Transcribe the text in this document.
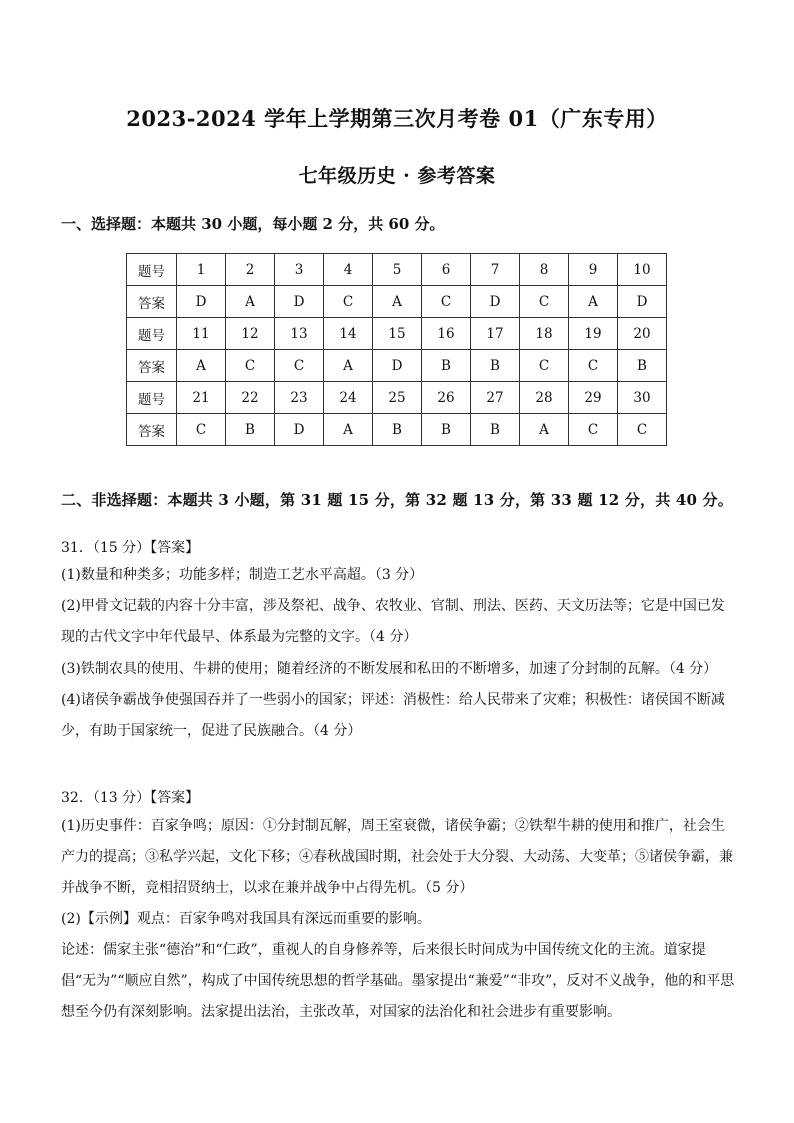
2023-2024 学年上学期第三次月考卷 01（广东专用）
七年级历史 · 参考答案
一、选择题：本题共 30 小题，每小题 2 分，共 60 分。
题号	1	2	3	4	5	6	7	8	9	10
答案	D	A	D	C	A	C	D	C	A	D
题号	11	12	13	14	15	16	17	18	19	20
答案	A	C	C	A	D	B	B	C	C	B
题号	21	22	23	24	25	26	27	28	29	30
答案	C	B	D	A	B	B	B	A	C	C
二、非选择题：本题共 3 小题，第 31 题 15 分，第 32 题 13 分，第 33 题 12 分，共 40 分。
31．（15 分）【答案】

(1)数量和种类多；功能多样；制造工艺水平高超。（3 分）

(2)甲骨文记载的内容十分丰富，涉及祭祀、战争、农牧业、官制、刑法、医药、天文历法等；它是中国已发现的古代文字中年代最早、体系最为完整的文字。（4 分）

(3)铁制农具的使用、牛耕的使用；随着经济的不断发展和私田的不断增多，加速了分封制的瓦解。（4 分）

(4)诸侯争霸战争使强国吞并了一些弱小的国家；评述：消极性：给人民带来了灾难；积极性：诸侯国不断减少，有助于国家统一，促进了民族融合。（4 分）

32．（13 分）【答案】

(1)历史事件：百家争鸣；原因：①分封制瓦解，周王室衰微，诸侯争霸；②铁犁牛耕的使用和推广，社会生产力的提高；③私学兴起，文化下移；④春秋战国时期，社会处于大分裂、大动荡、大变革；⑤诸侯争霸，兼并战争不断，竞相招贤纳士，以求在兼并战争中占得先机。（5 分）

(2)【示例】观点：百家争鸣对我国具有深远而重要的影响。

论述：儒家主张“德治”和“仁政”，重视人的自身修养等，后来很长时间成为中国传统文化的主流。道家提倡“无为”“顺应自然”，构成了中国传统思想的哲学基础。墨家提出“兼爱”“非攻”，反对不义战争，他的和平思想至今仍有深刻影响。法家提出法治，主张改革，对国家的法治化和社会进步有重要影响。
